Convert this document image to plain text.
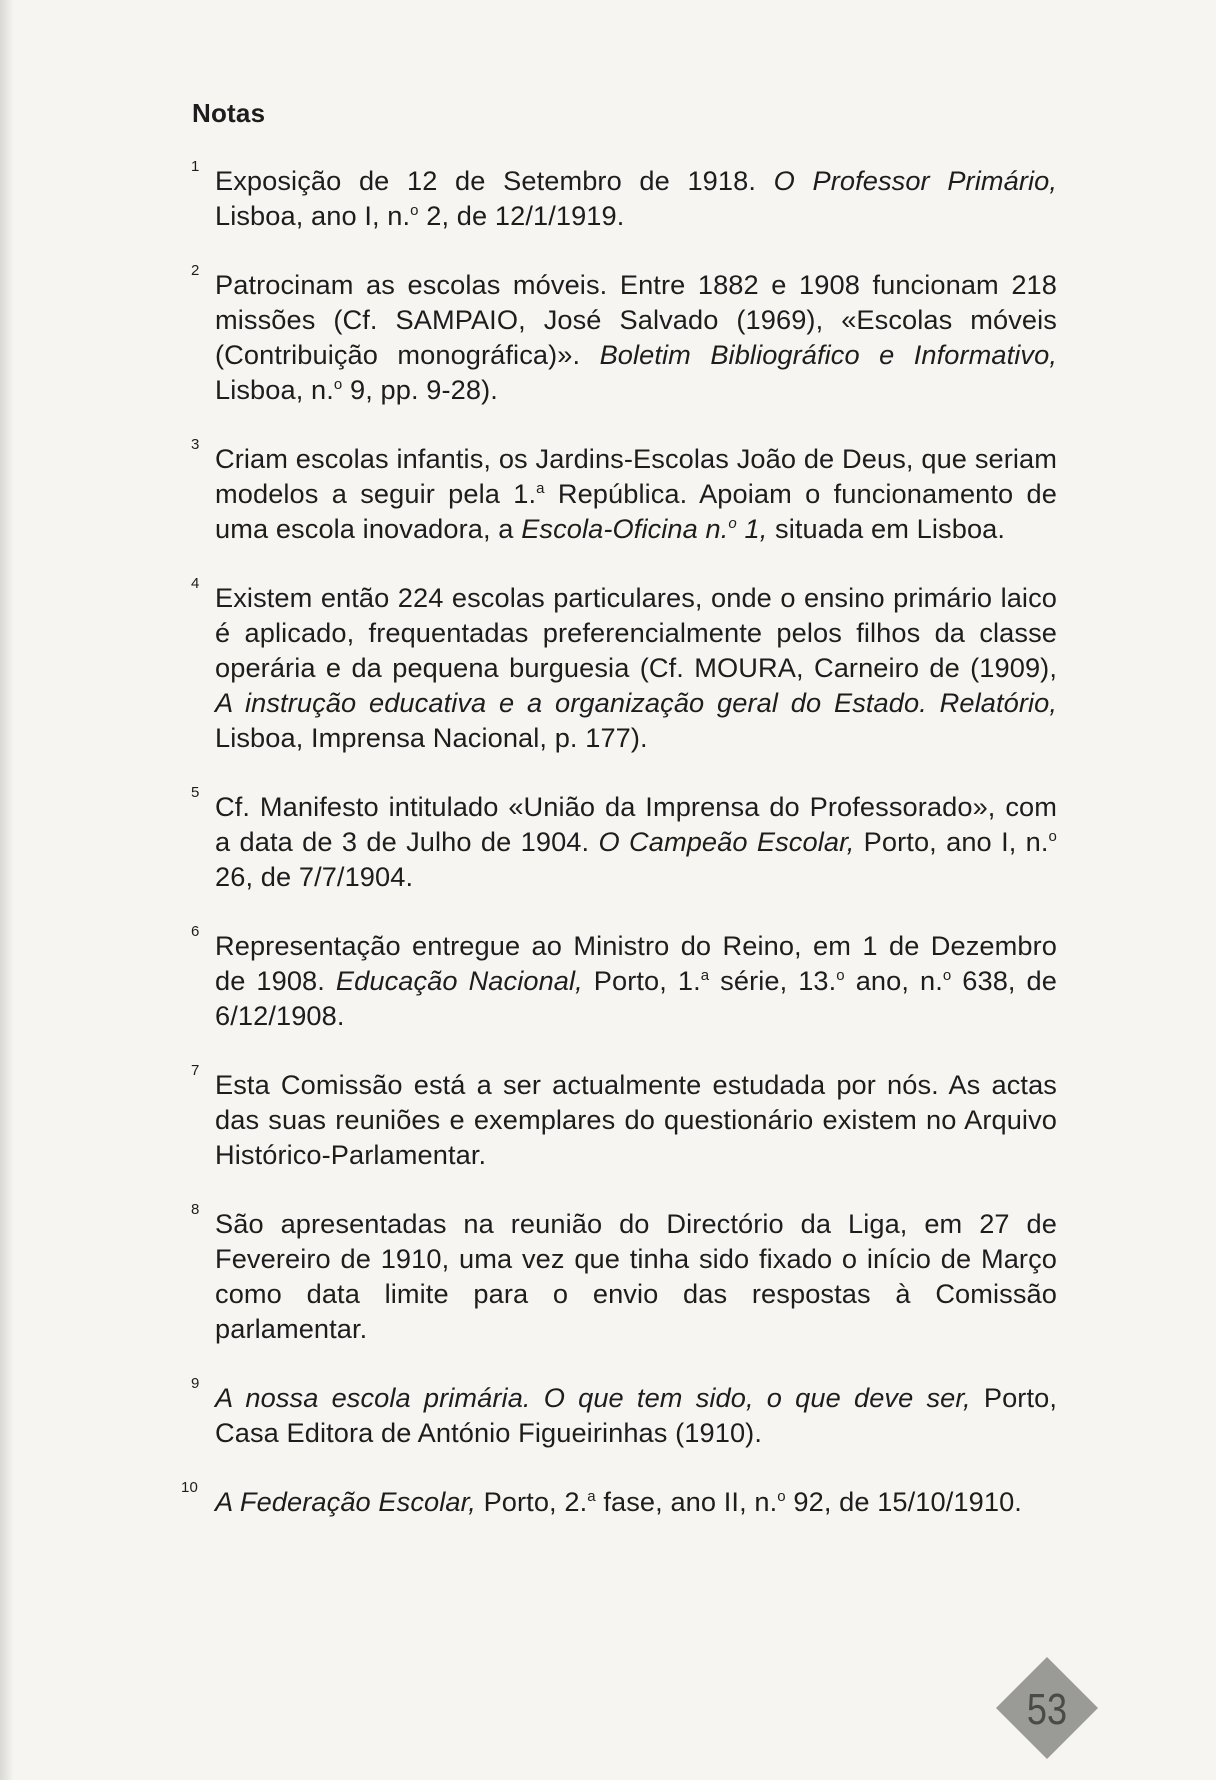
Notas
1 Exposição de 12 de Setembro de 1918. O Professor Primário, Lisboa, ano I, n.$^o$ 2, de 12/1/1919.
2 Patrocinam as escolas móveis. Entre 1882 e 1908 funcionam 218 missões (Cf. SAMPAIO, José Salvado (1969), «Escolas móveis (Contribuição monográfica)». Boletim Bibliográfico e Informativo, Lisboa, n.$^o$ 9, pp. 9-28).
3 Criam escolas infantis, os Jardins-Escolas João de Deus, que seriam modelos a seguir pela 1.$^a$ República. Apoiam o funcionamento de uma escola inovadora, a Escola-Oficina n.$^o$ 1, situada em Lisboa.
4 Existem então 224 escolas particulares, onde o ensino primário laico é aplicado, frequentadas preferencialmente pelos filhos da classe operária e da pequena burguesia (Cf. MOURA, Carneiro de (1909), A instrução educativa e a organização geral do Estado. Relatório, Lisboa, Imprensa Nacional, p. 177).
5 Cf. Manifesto intitulado «União da Imprensa do Professorado», com a data de 3 de Julho de 1904. O Campeão Escolar, Porto, ano I, n.$^o$ 26, de 7/7/1904.
6 Representação entregue ao Ministro do Reino, em 1 de Dezembro de 1908. Educação Nacional, Porto, 1.$^a$ série, 13.$^o$ ano, n.$^o$ 638, de 6/12/1908.
7 Esta Comissão está a ser actualmente estudada por nós. As actas das suas reuniões e exemplares do questionário existem no Arquivo Histórico-Parlamentar.
8 São apresentadas na reunião do Directório da Liga, em 27 de Fevereiro de 1910, uma vez que tinha sido fixado o início de Março como data limite para o envio das respostas à Comissão parlamentar.
9 A nossa escola primária. O que tem sido, o que deve ser, Porto, Casa Editora de António Figueirinhas (1910).
10 A Federação Escolar, Porto, 2.$^a$ fase, ano II, n.$^o$ 92, de 15/10/1910.
53
